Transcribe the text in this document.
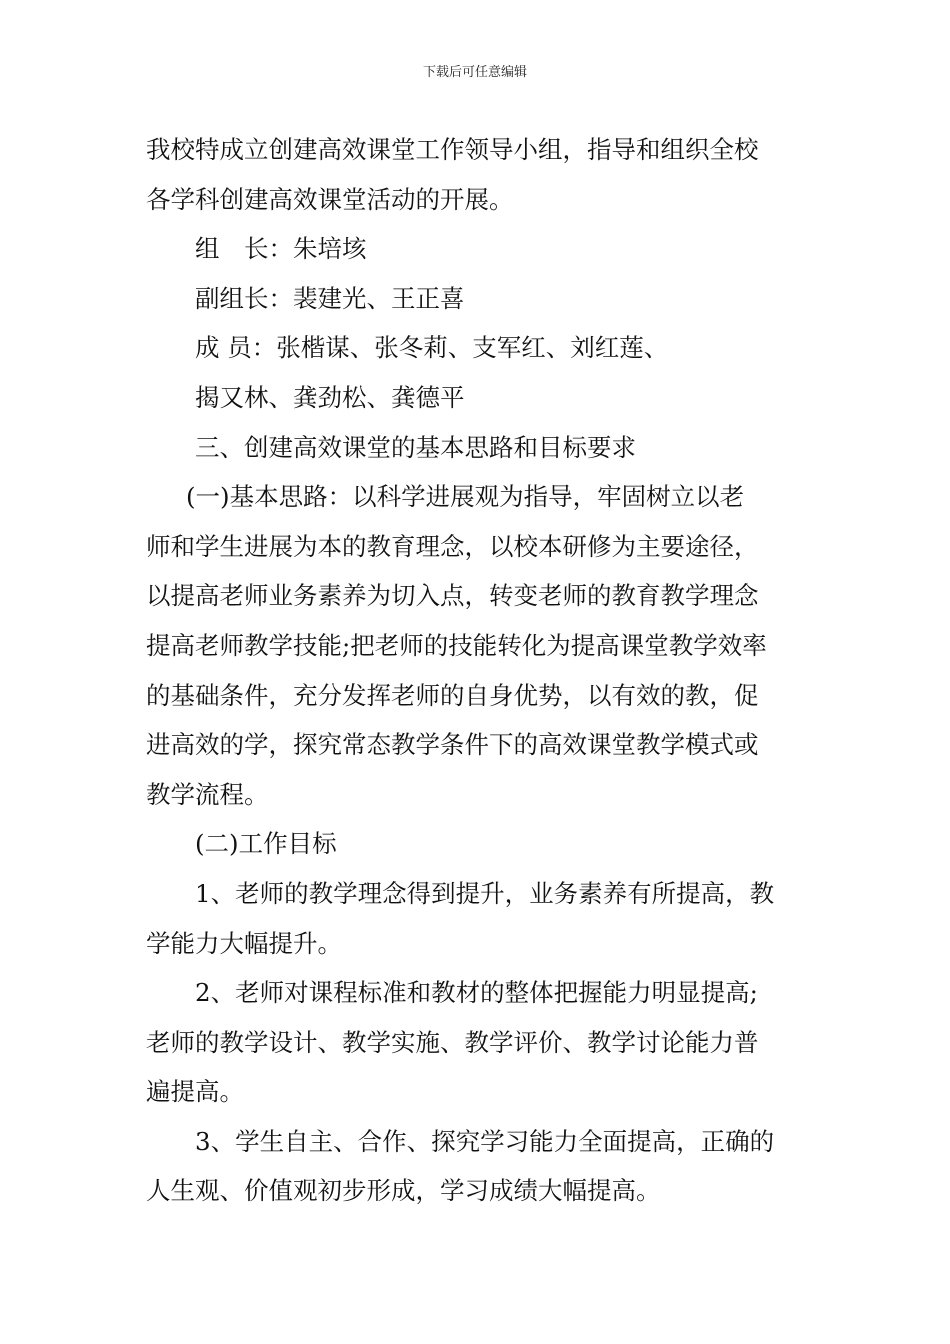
下载后可任意编辑
我校特成立创建高效课堂工作领导小组，指导和组织全校
各学科创建高效课堂活动的开展。
组　长：朱培垓
副组长：裴建光、王正喜
成 员：张楷谋、张冬莉、支军红、刘红莲、
揭又林、龚劲松、龚德平
三、创建高效课堂的基本思路和目标要求
(一)基本思路：以科学进展观为指导，牢固树立以老
师和学生进展为本的教育理念，以校本研修为主要途径，
以提高老师业务素养为切入点，转变老师的教育教学理念
提高老师教学技能;把老师的技能转化为提高课堂教学效率
的基础条件，充分发挥老师的自身优势，以有效的教，促
进高效的学，探究常态教学条件下的高效课堂教学模式或
教学流程。
(二)工作目标
1、老师的教学理念得到提升，业务素养有所提高，教
学能力大幅提升。
2、老师对课程标准和教材的整体把握能力明显提高;
老师的教学设计、教学实施、教学评价、教学讨论能力普
遍提高。
3、学生自主、合作、探究学习能力全面提高，正确的
人生观、价值观初步形成，学习成绩大幅提高。
